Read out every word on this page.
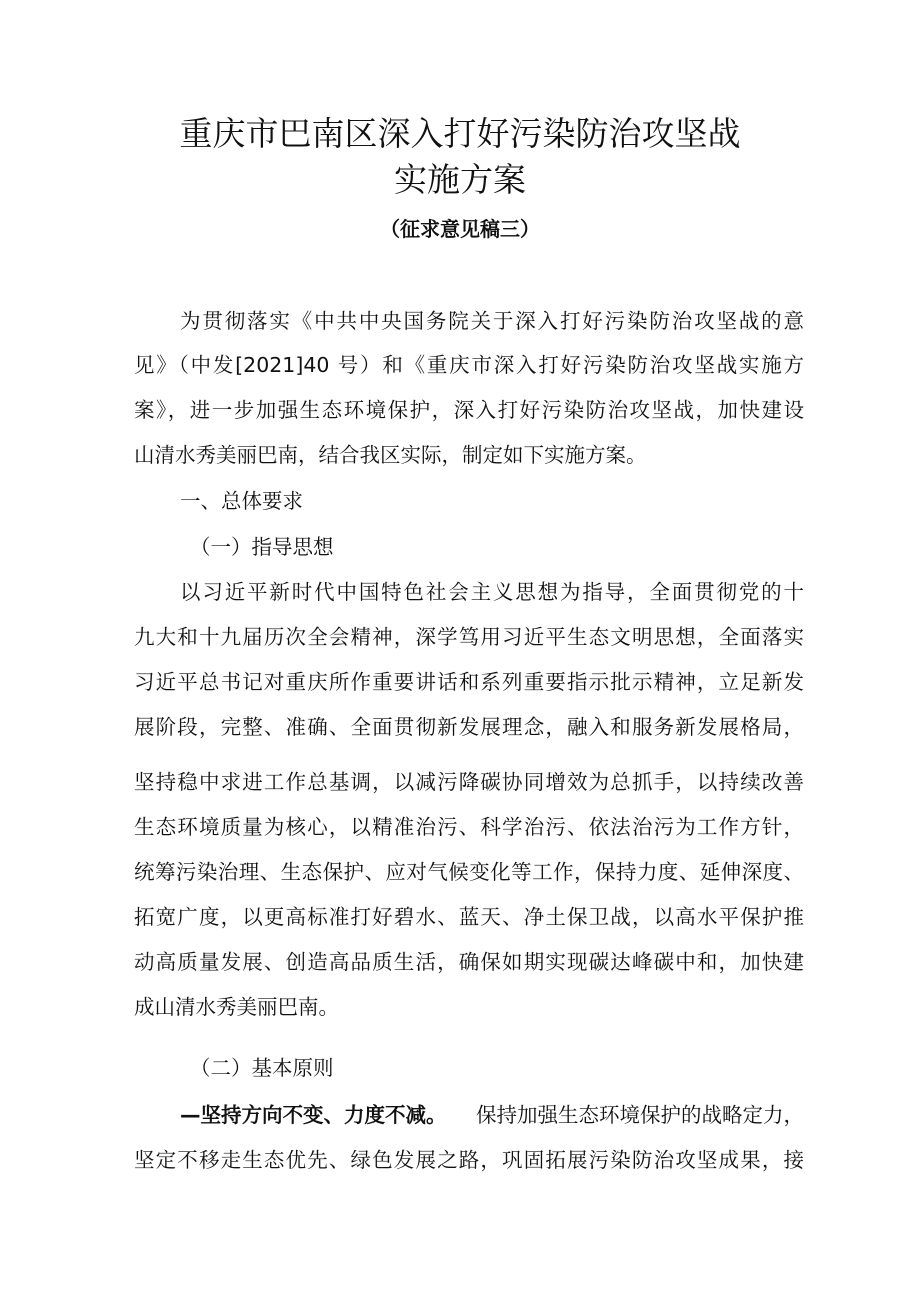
重庆市巴南区深入打好污染防治攻坚战
实施方案
（征求意见稿三）
为贯彻落实《中共中央国务院关于深入打好污染防治攻坚战的意
见》（中发[2021]40 号）和《重庆市深入打好污染防治攻坚战实施方
案》，进一步加强生态环境保护，深入打好污染防治攻坚战，加快建设
山清水秀美丽巴南，结合我区实际，制定如下实施方案。
一、总体要求
（一）指导思想
以习近平新时代中国特色社会主义思想为指导，全面贯彻党的十
九大和十九届历次全会精神，深学笃用习近平生态文明思想，全面落实
习近平总书记对重庆所作重要讲话和系列重要指示批示精神，立足新发
展阶段，完整、准确、全面贯彻新发展理念，融入和服务新发展格局，
坚持稳中求进工作总基调，以减污降碳协同增效为总抓手，以持续改善
生态环境质量为核心，以精准治污、科学治污、依法治污为工作方针，
统筹污染治理、生态保护、应对气候变化等工作，保持力度、延伸深度、
拓宽广度，以更高标准打好碧水、蓝天、净土保卫战，以高水平保护推
动高质量发展、创造高品质生活，确保如期实现碳达峰碳中和，加快建
成山清水秀美丽巴南。
（二）基本原则
—坚持方向不变、力度不减。 保持加强生态环境保护的战略定力，
坚定不移走生态优先、绿色发展之路，巩固拓展污染防治攻坚成果，接
